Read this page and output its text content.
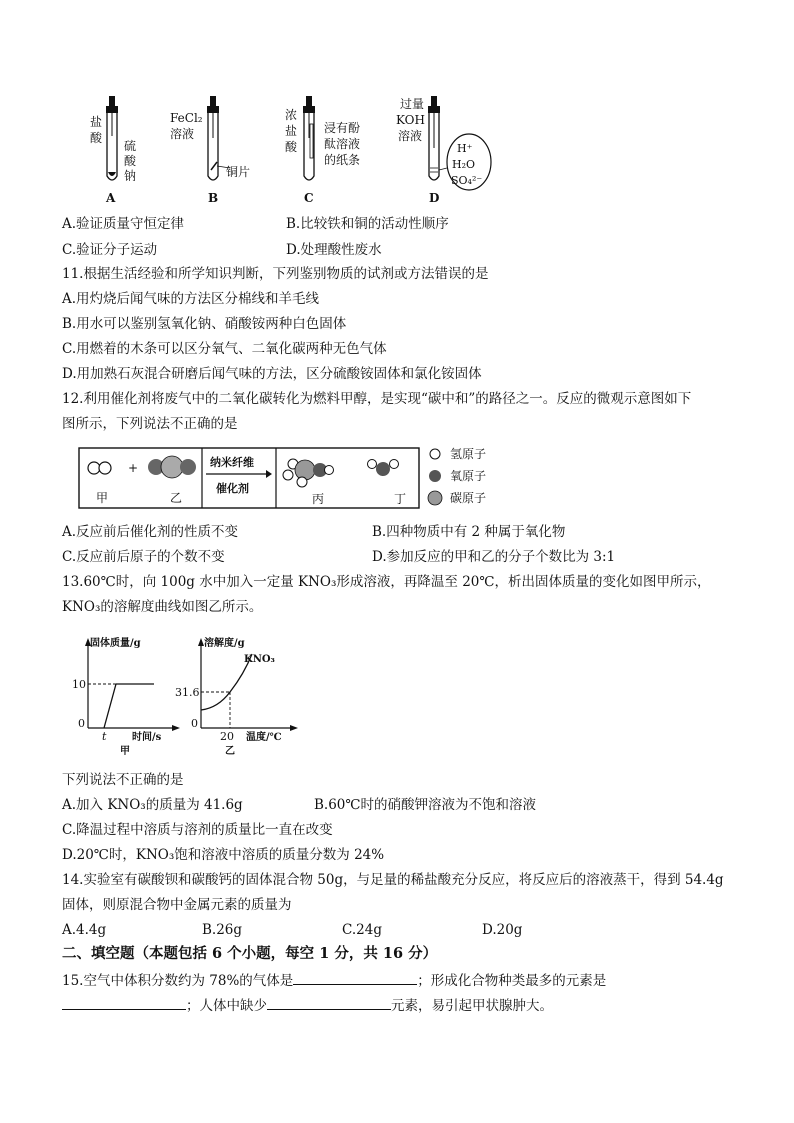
盐
酸
硫
酸
钠
A
FeCl₂
溶液
铜片
B
浓
盐
酸
浸有酚
酞溶液
的纸条
C
过量
KOH
溶液
H⁺
H₂O
SO₄²⁻
D
A.验证质量守恒定律	B.比较铁和铜的活动性顺序
C.验证分子运动	D.处理酸性废水
11.根据生活经验和所学知识判断，下列鉴别物质的试剂或方法错误的是
A.用灼烧后闻气味的方法区分棉线和羊毛线
B.用水可以鉴别氢氧化钠、硝酸铵两种白色固体
C.用燃着的木条可以区分氧气、二氧化碳两种无色气体
D.用加熟石灰混合研磨后闻气味的方法，区分硫酸铵固体和氯化铵固体
12.利用催化剂将废气中的二氧化碳转化为燃料甲醇，是实现“碳中和”的路径之一。反应的微观示意图如下
图所示，下列说法不正确的是
+
甲	乙
纳米纤维
催化剂
丙	丁
氢原子
氧原子
碳原子
A.反应前后催化剂的性质不变	B.四种物质中有 2 种属于氧化物
C.反应前后原子的个数不变	D.参加反应的甲和乙的分子个数比为 3:1
13.60℃时，向 100g 水中加入一定量 KNO₃形成溶液，再降温至 20℃，析出固体质量的变化如图甲所示，
KNO₃的溶解度曲线如图乙所示。
固体质量/g
10
0
t	时间/s
甲
溶解度/g
KNO₃
31.6
0
20 温度/℃
乙
下列说法不正确的是
A.加入 KNO₃的质量为 41.6g	B.60℃时的硝酸钾溶液为不饱和溶液
C.降温过程中溶质与溶剂的质量比一直在改变
D.20℃时，KNO₃饱和溶液中溶质的质量分数为 24%
14.实验室有碳酸钡和碳酸钙的固体混合物 50g，与足量的稀盐酸充分反应，将反应后的溶液蒸干，得到 54.4g
固体，则原混合物中金属元素的质量为
A.4.4g	B.26g	C.24g	D.20g
二、填空题（本题包括 6 个小题，每空 1 分，共 16 分）
15.空气中体积分数约为 78%的气体是	；形成化合物种类最多的元素是
；人体中缺少	元素，易引起甲状腺肿大。
